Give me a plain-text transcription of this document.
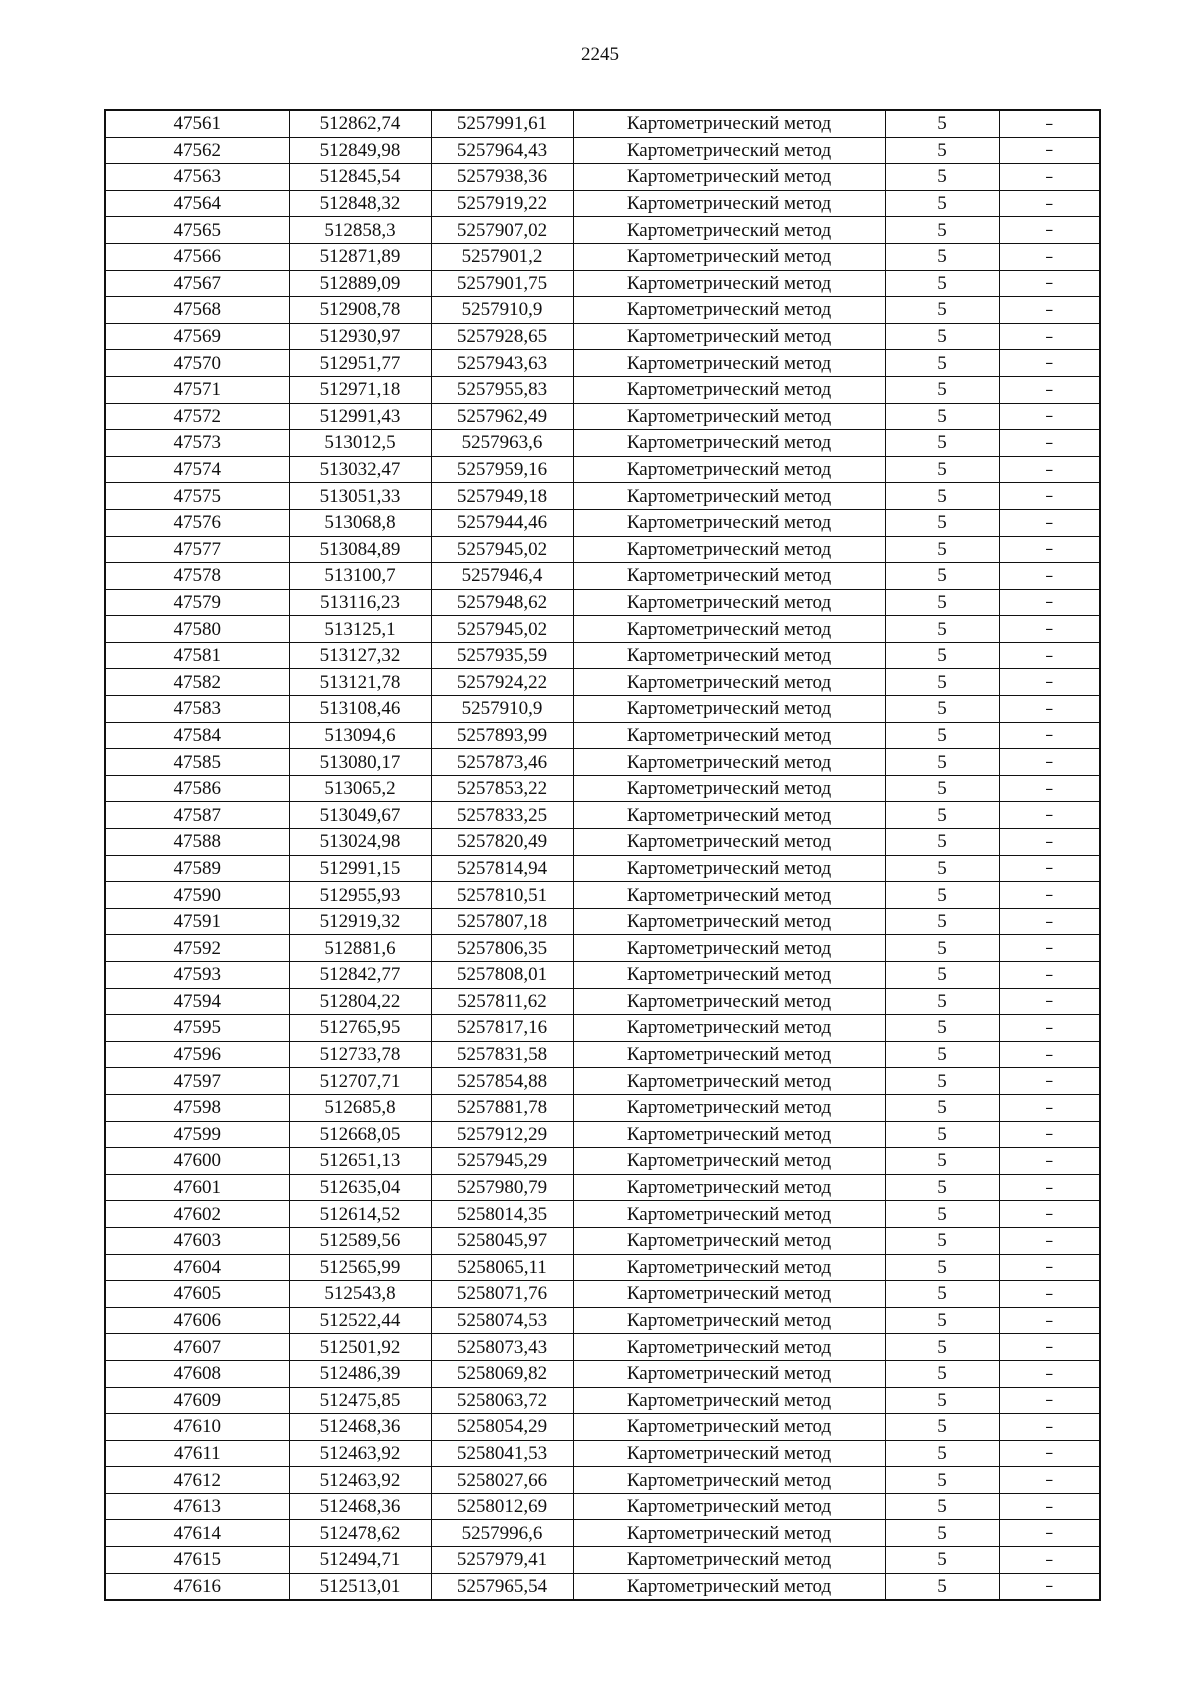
2245
47561	512862,74	5257991,61	Картометрический метод	5	–
47562	512849,98	5257964,43	Картометрический метод	5	–
47563	512845,54	5257938,36	Картометрический метод	5	–
47564	512848,32	5257919,22	Картометрический метод	5	–
47565	512858,3	5257907,02	Картометрический метод	5	–
47566	512871,89	5257901,2	Картометрический метод	5	–
47567	512889,09	5257901,75	Картометрический метод	5	–
47568	512908,78	5257910,9	Картометрический метод	5	–
47569	512930,97	5257928,65	Картометрический метод	5	–
47570	512951,77	5257943,63	Картометрический метод	5	–
47571	512971,18	5257955,83	Картометрический метод	5	–
47572	512991,43	5257962,49	Картометрический метод	5	–
47573	513012,5	5257963,6	Картометрический метод	5	–
47574	513032,47	5257959,16	Картометрический метод	5	–
47575	513051,33	5257949,18	Картометрический метод	5	–
47576	513068,8	5257944,46	Картометрический метод	5	–
47577	513084,89	5257945,02	Картометрический метод	5	–
47578	513100,7	5257946,4	Картометрический метод	5	–
47579	513116,23	5257948,62	Картометрический метод	5	–
47580	513125,1	5257945,02	Картометрический метод	5	–
47581	513127,32	5257935,59	Картометрический метод	5	–
47582	513121,78	5257924,22	Картометрический метод	5	–
47583	513108,46	5257910,9	Картометрический метод	5	–
47584	513094,6	5257893,99	Картометрический метод	5	–
47585	513080,17	5257873,46	Картометрический метод	5	–
47586	513065,2	5257853,22	Картометрический метод	5	–
47587	513049,67	5257833,25	Картометрический метод	5	–
47588	513024,98	5257820,49	Картометрический метод	5	–
47589	512991,15	5257814,94	Картометрический метод	5	–
47590	512955,93	5257810,51	Картометрический метод	5	–
47591	512919,32	5257807,18	Картометрический метод	5	–
47592	512881,6	5257806,35	Картометрический метод	5	–
47593	512842,77	5257808,01	Картометрический метод	5	–
47594	512804,22	5257811,62	Картометрический метод	5	–
47595	512765,95	5257817,16	Картометрический метод	5	–
47596	512733,78	5257831,58	Картометрический метод	5	–
47597	512707,71	5257854,88	Картометрический метод	5	–
47598	512685,8	5257881,78	Картометрический метод	5	–
47599	512668,05	5257912,29	Картометрический метод	5	–
47600	512651,13	5257945,29	Картометрический метод	5	–
47601	512635,04	5257980,79	Картометрический метод	5	–
47602	512614,52	5258014,35	Картометрический метод	5	–
47603	512589,56	5258045,97	Картометрический метод	5	–
47604	512565,99	5258065,11	Картометрический метод	5	–
47605	512543,8	5258071,76	Картометрический метод	5	–
47606	512522,44	5258074,53	Картометрический метод	5	–
47607	512501,92	5258073,43	Картометрический метод	5	–
47608	512486,39	5258069,82	Картометрический метод	5	–
47609	512475,85	5258063,72	Картометрический метод	5	–
47610	512468,36	5258054,29	Картометрический метод	5	–
47611	512463,92	5258041,53	Картометрический метод	5	–
47612	512463,92	5258027,66	Картометрический метод	5	–
47613	512468,36	5258012,69	Картометрический метод	5	–
47614	512478,62	5257996,6	Картометрический метод	5	–
47615	512494,71	5257979,41	Картометрический метод	5	–
47616	512513,01	5257965,54	Картометрический метод	5	–
